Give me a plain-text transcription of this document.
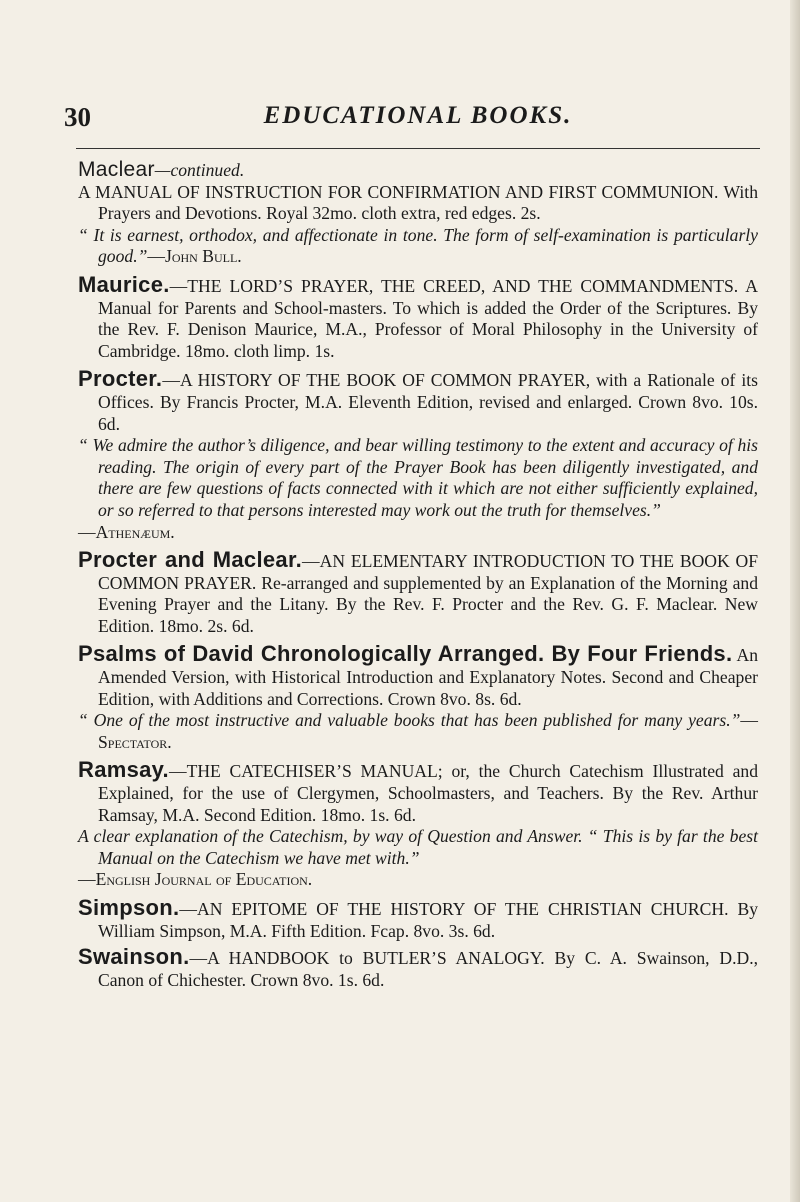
30	EDUCATIONAL BOOKS.

Maclear—continued.

A MANUAL OF INSTRUCTION FOR CONFIRMATION AND FIRST COMMUNION. With Prayers and Devotions. Royal 32mo. cloth extra, red edges. 2s.

“ It is earnest, orthodox, and affectionate in tone. The form of self-examination is particularly good.”—John Bull.

Maurice.—THE LORD’S PRAYER, THE CREED, AND THE COMMANDMENTS. A Manual for Parents and School-masters. To which is added the Order of the Scriptures. By the Rev. F. Denison Maurice, M.A., Professor of Moral Philosophy in the University of Cambridge. 18mo. cloth limp. 1s.

Procter.—A HISTORY OF THE BOOK OF COMMON PRAYER, with a Rationale of its Offices. By Francis Procter, M.A. Eleventh Edition, revised and enlarged. Crown 8vo. 10s. 6d.

“ We admire the author’s diligence, and bear willing testimony to the extent and accuracy of his reading. The origin of every part of the Prayer Book has been diligently investigated, and there are few questions of facts connected with it which are not either sufficiently explained, or so referred to that persons interested may work out the truth for themselves.”

—Athenæum.

Procter and Maclear.—AN ELEMENTARY INTRODUCTION TO THE BOOK OF COMMON PRAYER. Re-arranged and supplemented by an Explanation of the Morning and Evening Prayer and the Litany. By the Rev. F. Procter and the Rev. G. F. Maclear. New Edition. 18mo. 2s. 6d.

Psalms of David Chronologically Arranged. By Four Friends. An Amended Version, with Historical Introduction and Explanatory Notes. Second and Cheaper Edition, with Additions and Corrections. Crown 8vo. 8s. 6d.

“ One of the most instructive and valuable books that has been published for many years.”—Spectator.

Ramsay.—THE CATECHISER’S MANUAL; or, the Church Catechism Illustrated and Explained, for the use of Clergymen, Schoolmasters, and Teachers. By the Rev. Arthur Ramsay, M.A. Second Edition. 18mo. 1s. 6d.

A clear explanation of the Catechism, by way of Question and Answer. “ This is by far the best Manual on the Catechism we have met with.”

—English Journal of Education.

Simpson.—AN EPITOME OF THE HISTORY OF THE CHRISTIAN CHURCH. By William Simpson, M.A. Fifth Edition. Fcap. 8vo. 3s. 6d.

Swainson.—A HANDBOOK to BUTLER’S ANALOGY. By C. A. Swainson, D.D., Canon of Chichester. Crown 8vo. 1s. 6d.
